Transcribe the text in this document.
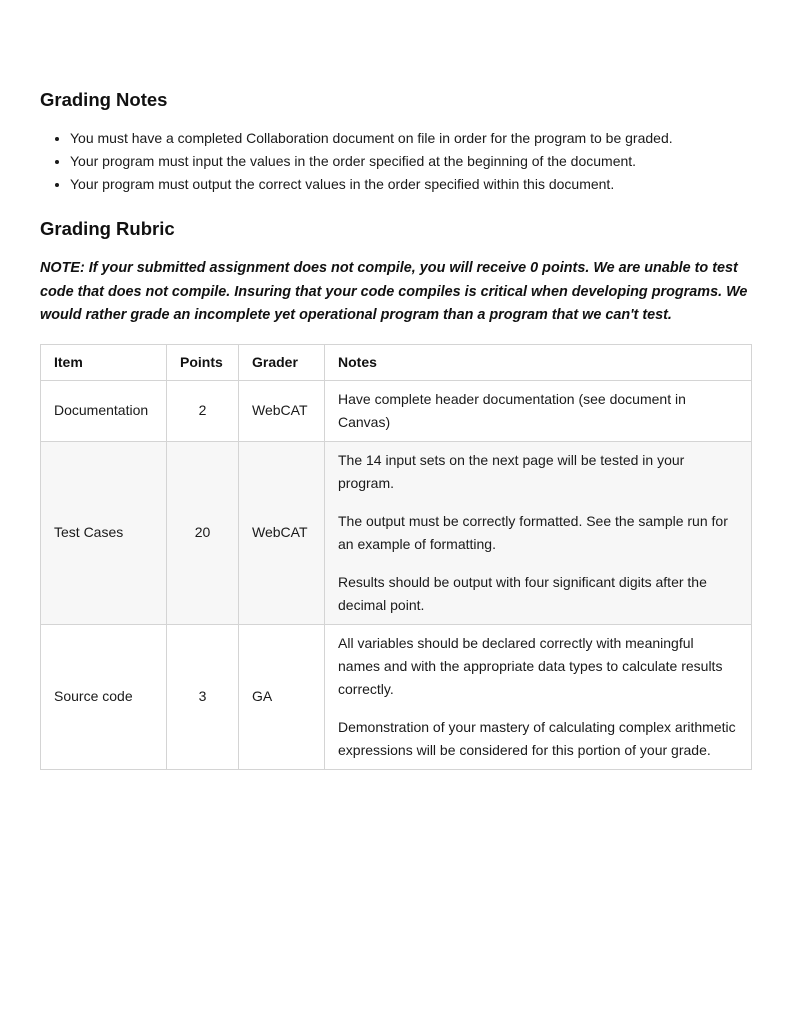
Grading Notes
• You must have a completed Collaboration document on file in order for the program to be graded.
• Your program must input the values in the order specified at the beginning of the document.
• Your program must output the correct values in the order specified within this document.
Grading Rubric

NOTE: If your submitted assignment does not compile, you will receive 0 points. We are unable to test code that does not compile. Insuring that your code compiles is critical when developing programs. We would rather grade an incomplete yet operational program than a program that we can't test.

Item	Points	Grader	Notes
Documentation	2	WebCAT	Have complete header documentation (see document in Canvas)

Test Cases	20	WebCAT	The 14 input sets on the next page will be tested in your program.

The output must be correctly formatted. See the sample run for an example of formatting.

Results should be output with four significant digits after the decimal point.

Source code	3	GA	All variables should be declared correctly with meaningful names and with the appropriate data types to calculate results correctly.

Demonstration of your mastery of calculating complex arithmetic expressions will be considered for this portion of your grade.
